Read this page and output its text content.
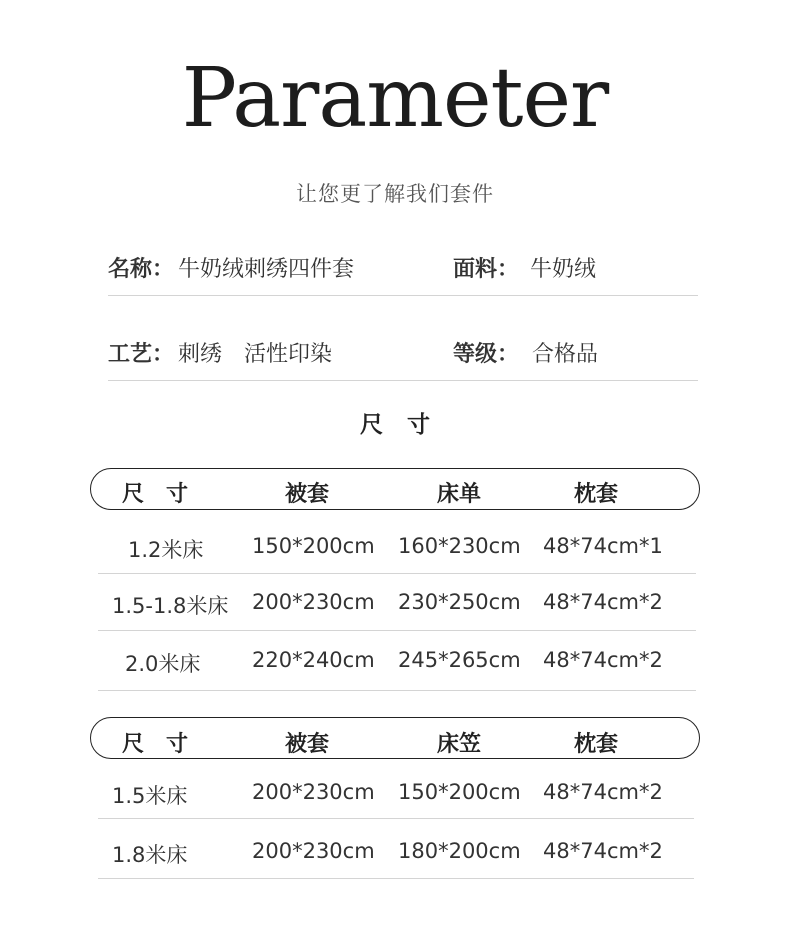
Parameter
让您更了解我们套件
名称： 牛奶绒刺绣四件套	面料： 牛奶绒
工艺： 刺绣　活性印染	等级： 合格品
尺寸
尺　寸	被套	床单	枕套
1.2米床 150*200cm 160*230cm 48*74cm*1
1.5-1.8米床 200*230cm 230*250cm 48*74cm*2
2.0米床 220*240cm 245*265cm 48*74cm*2
尺　寸	被套	床笠	枕套
1.5米床	200*230cm 150*200cm 48*74cm*2
1.8米床	200*230cm 180*200cm 48*74cm*2
